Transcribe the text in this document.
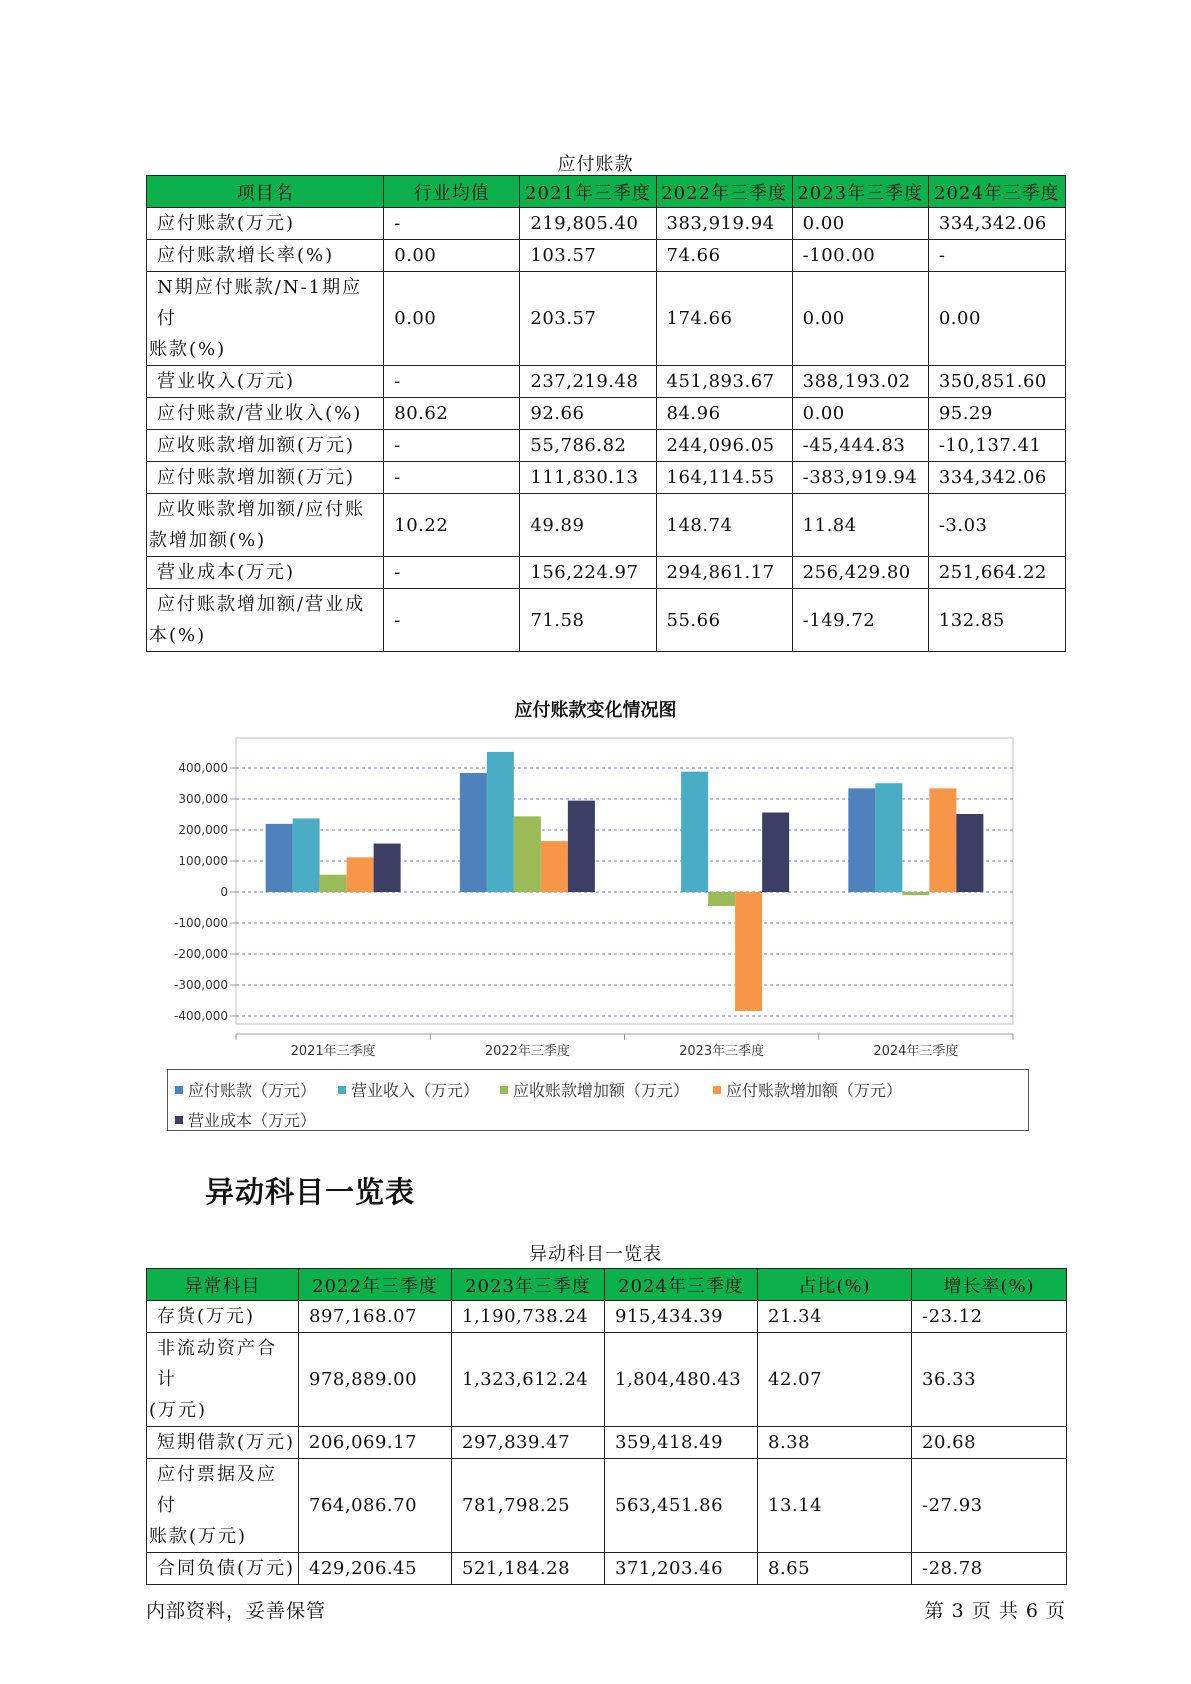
应付账款
项目名	行业均值	2021年三季度	2022年三季度	2023年三季度	2024年三季度
应付账款(万元)	-	219,805.40	383,919.94	0.00	334,342.06
应付账款增长率(%)	0.00	103.57	74.66	-100.00	-

N期应付账款/N-1期应付
账款(%)	0.00	203.57	174.66	0.00	0.00
营业收入(万元)	-	237,219.48	451,893.67	388,193.02	350,851.60
应付账款/营业收入(%)	80.62	92.66	84.96	0.00	95.29
应收账款增加额(万元)	-	55,786.82	244,096.05	-45,444.83	-10,137.41
应付账款增加额(万元)	-	111,830.13	164,114.55	-383,919.94	334,342.06

应收账款增加额/应付账
款增加额(%)	10.22	49.89	148.74	11.84	-3.03
营业成本(万元)	-	156,224.97	294,861.17	256,429.80	251,664.22

应付账款增加额/营业成
本(%)	-	71.58	55.66	-149.72	132.85
应付账款变化情况图
400,000
300,000
200,000
100,000
0
-100,000
-200,000
-300,000
-400,000
2021年三季度	2022年三季度	2023年三季度	2024年三季度
应付账款（万元） 营业收入（万元） 应收账款增加额（万元） 应付账款增加额（万元）
营业成本（万元）
异动科目一览表
异动科目一览表
异常科目	2022年三季度	2023年三季度	2024年三季度	占比(%)	增长率(%)
存货(万元)	897,168.07	1,190,738.24	915,434.39	21.34	-23.12

非流动资产合计
(万元)	978,889.00	1,323,612.24	1,804,480.43	42.07	36.33
短期借款(万元)	206,069.17	297,839.47	359,418.49	8.38	20.68

应付票据及应付
账款(万元)	764,086.70	781,798.25	563,451.86	13.14	-27.93
合同负债(万元)	429,206.45	521,184.28	371,203.46	8.65	-28.78
内部资料，妥善保管	第 3 页 共 6 页
